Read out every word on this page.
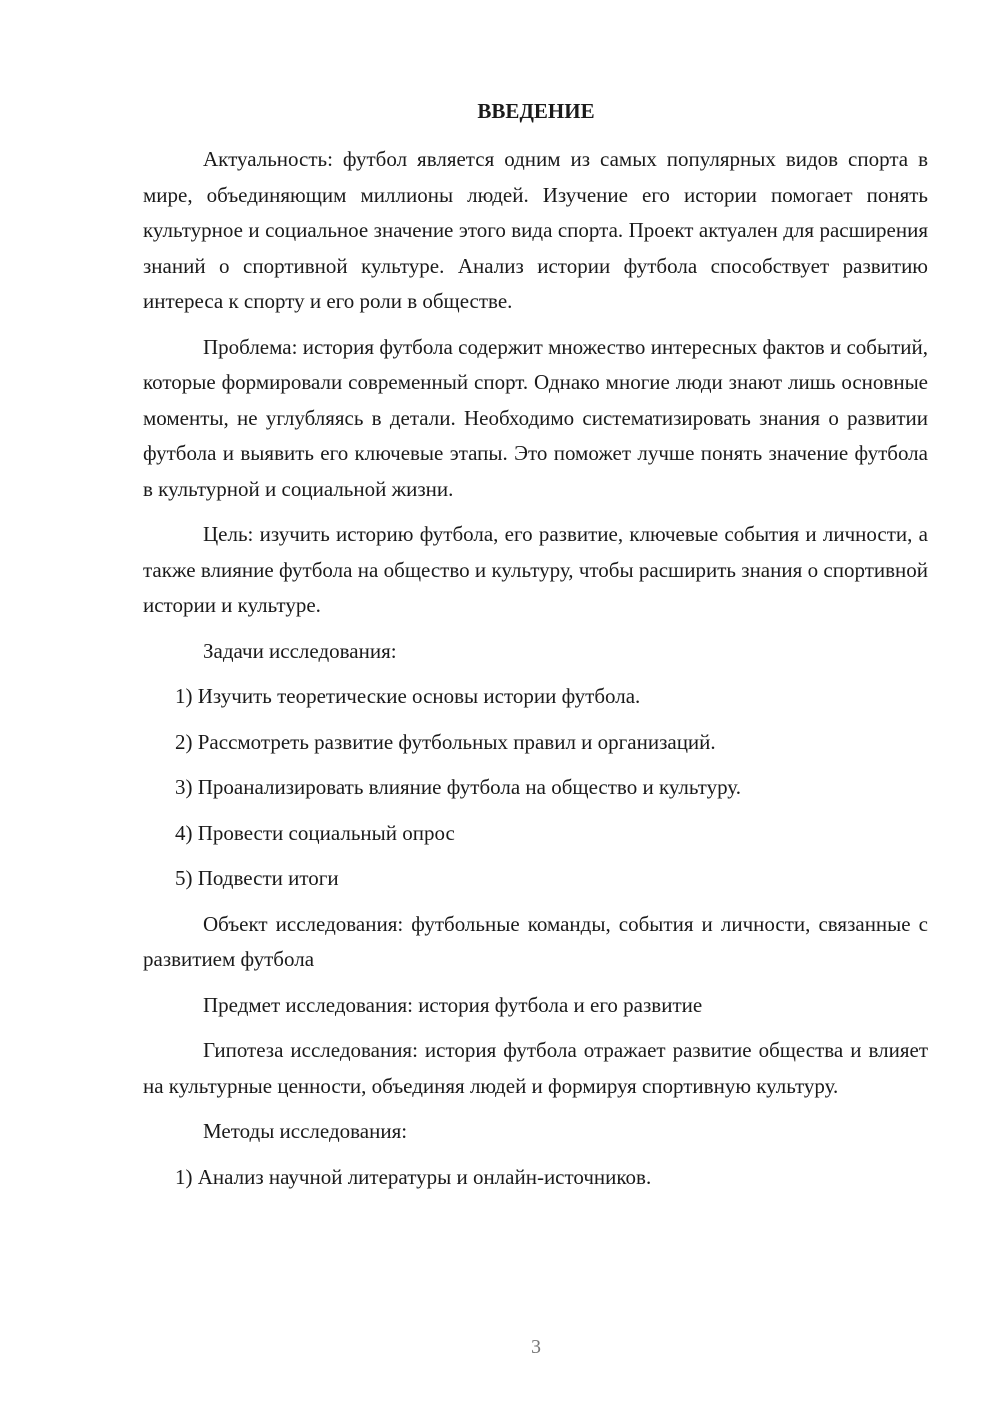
ВВЕДЕНИЕ

Актуальность: футбол является одним из самых популярных видов спорта в мире, объединяющим миллионы людей. Изучение его истории помогает понять культурное и социальное значение этого вида спорта. Проект актуален для расширения знаний о спортивной культуре. Анализ истории футбола способствует развитию интереса к спорту и его роли в обществе.

Проблема: история футбола содержит множество интересных фактов и событий, которые формировали современный спорт. Однако многие люди знают лишь основные моменты, не углубляясь в детали. Необходимо систематизировать знания о развитии футбола и выявить его ключевые этапы. Это поможет лучше понять значение футбола в культурной и социальной жизни.

Цель: изучить историю футбола, его развитие, ключевые события и личности, а также влияние футбола на общество и культуру, чтобы расширить знания о спортивной истории и культуре.

Задачи исследования:

1) Изучить теоретические основы истории футбола.
2) Рассмотреть развитие футбольных правил и организаций.
3) Проанализировать влияние футбола на общество и культуру.
4) Провести социальный опрос
5) Подвести итоги

Объект исследования: футбольные команды, события и личности, связанные с развитием футбола

Предмет исследования: история футбола и его развитие

Гипотеза исследования: история футбола отражает развитие общества и влияет на культурные ценности, объединяя людей и формируя спортивную культуру.

Методы исследования:

1) Анализ научной литературы и онлайн-источников.
3
